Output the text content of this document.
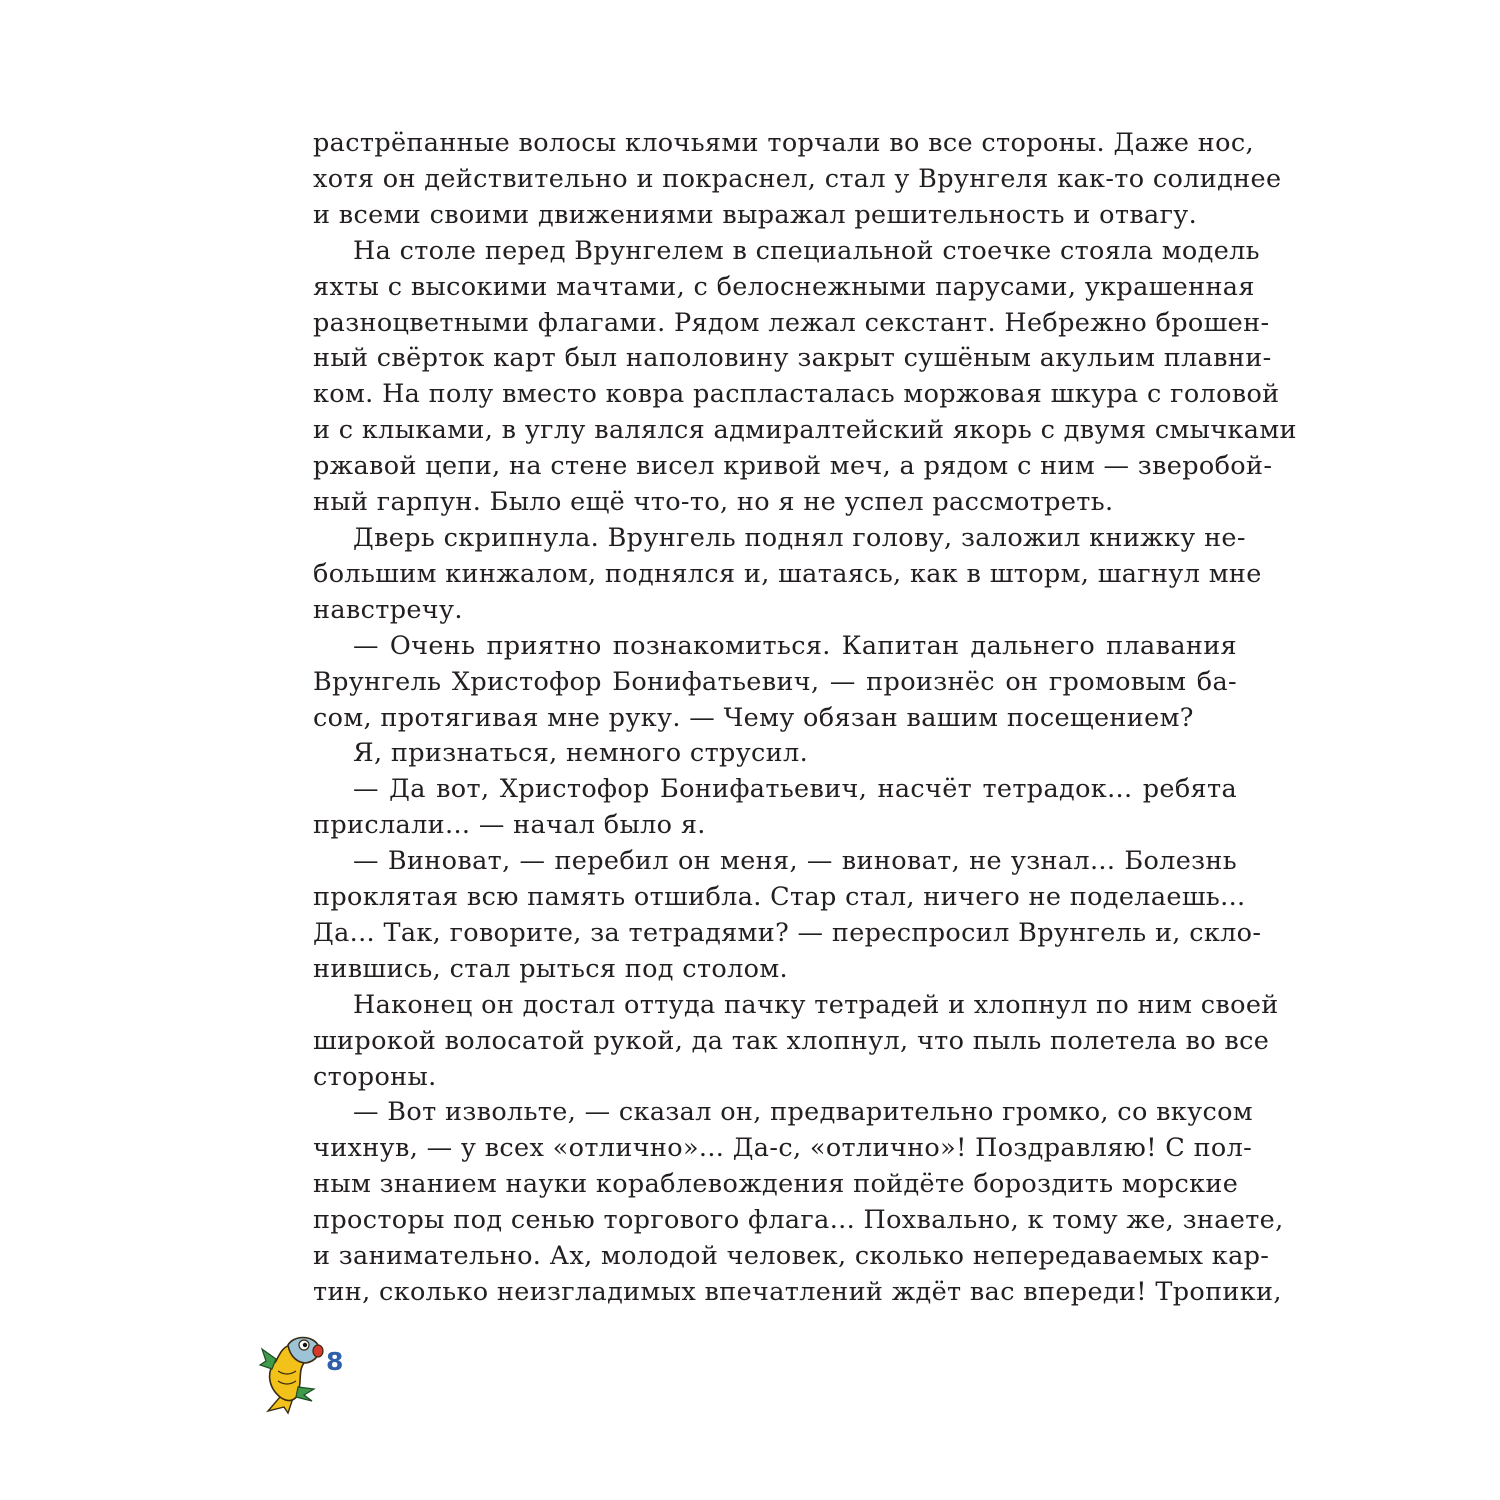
растрёпанные волосы клочьями торчали во все стороны. Даже нос,
хотя он действительно и покраснел, стал у Врунгеля как-то солиднее
и всеми своими движениями выражал решительность и отвагу.
На столе перед Врунгелем в специальной стоечке стояла модель
яхты с высокими мачтами, с белоснежными парусами, украшенная
разноцветными флагами. Рядом лежал секстант. Небрежно брошен-
ный свёрток карт был наполовину закрыт сушёным акульим плавни-
ком. На полу вместо ковра распласталась моржовая шкура с головой
и с клыками, в углу валялся адмиралтейский якорь с двумя смычками
ржавой цепи, на стене висел кривой меч, а рядом с ним — зверобой-
ный гарпун. Было ещё что-то, но я не успел рассмотреть.
Дверь скрипнула. Врунгель поднял голову, заложил книжку не-
большим кинжалом, поднялся и, шатаясь, как в шторм, шагнул мне
навстречу.
— Очень приятно познакомиться. Капитан дальнего плавания
Врунгель Христофор Бонифатьевич, — произнёс он громовым ба-
сом, протягивая мне руку. — Чему обязан вашим посещением?
Я, признаться, немного струсил.
— Да вот, Христофор Бонифатьевич, насчёт тетрадок... ребята
прислали... — начал было я.
— Виноват, — перебил он меня, — виноват, не узнал... Болезнь
проклятая всю память отшибла. Стар стал, ничего не поделаешь...
Да... Так, говорите, за тетрадями? — переспросил Врунгель и, скло-
нившись, стал рыться под столом.
Наконец он достал оттуда пачку тетрадей и хлопнул по ним своей
широкой волосатой рукой, да так хлопнул, что пыль полетела во все
стороны.
— Вот извольте, — сказал он, предварительно громко, со вкусом
чихнув, — у всех «отлично»... Да-с, «отлично»! Поздравляю! С пол-
ным знанием науки кораблевождения пойдёте бороздить морские
просторы под сенью торгового флага... Похвально, к тому же, знаете,
и занимательно. Ах, молодой человек, сколько непередаваемых кар-
тин, сколько неизгладимых впечатлений ждёт вас впереди! Тропики,
8
